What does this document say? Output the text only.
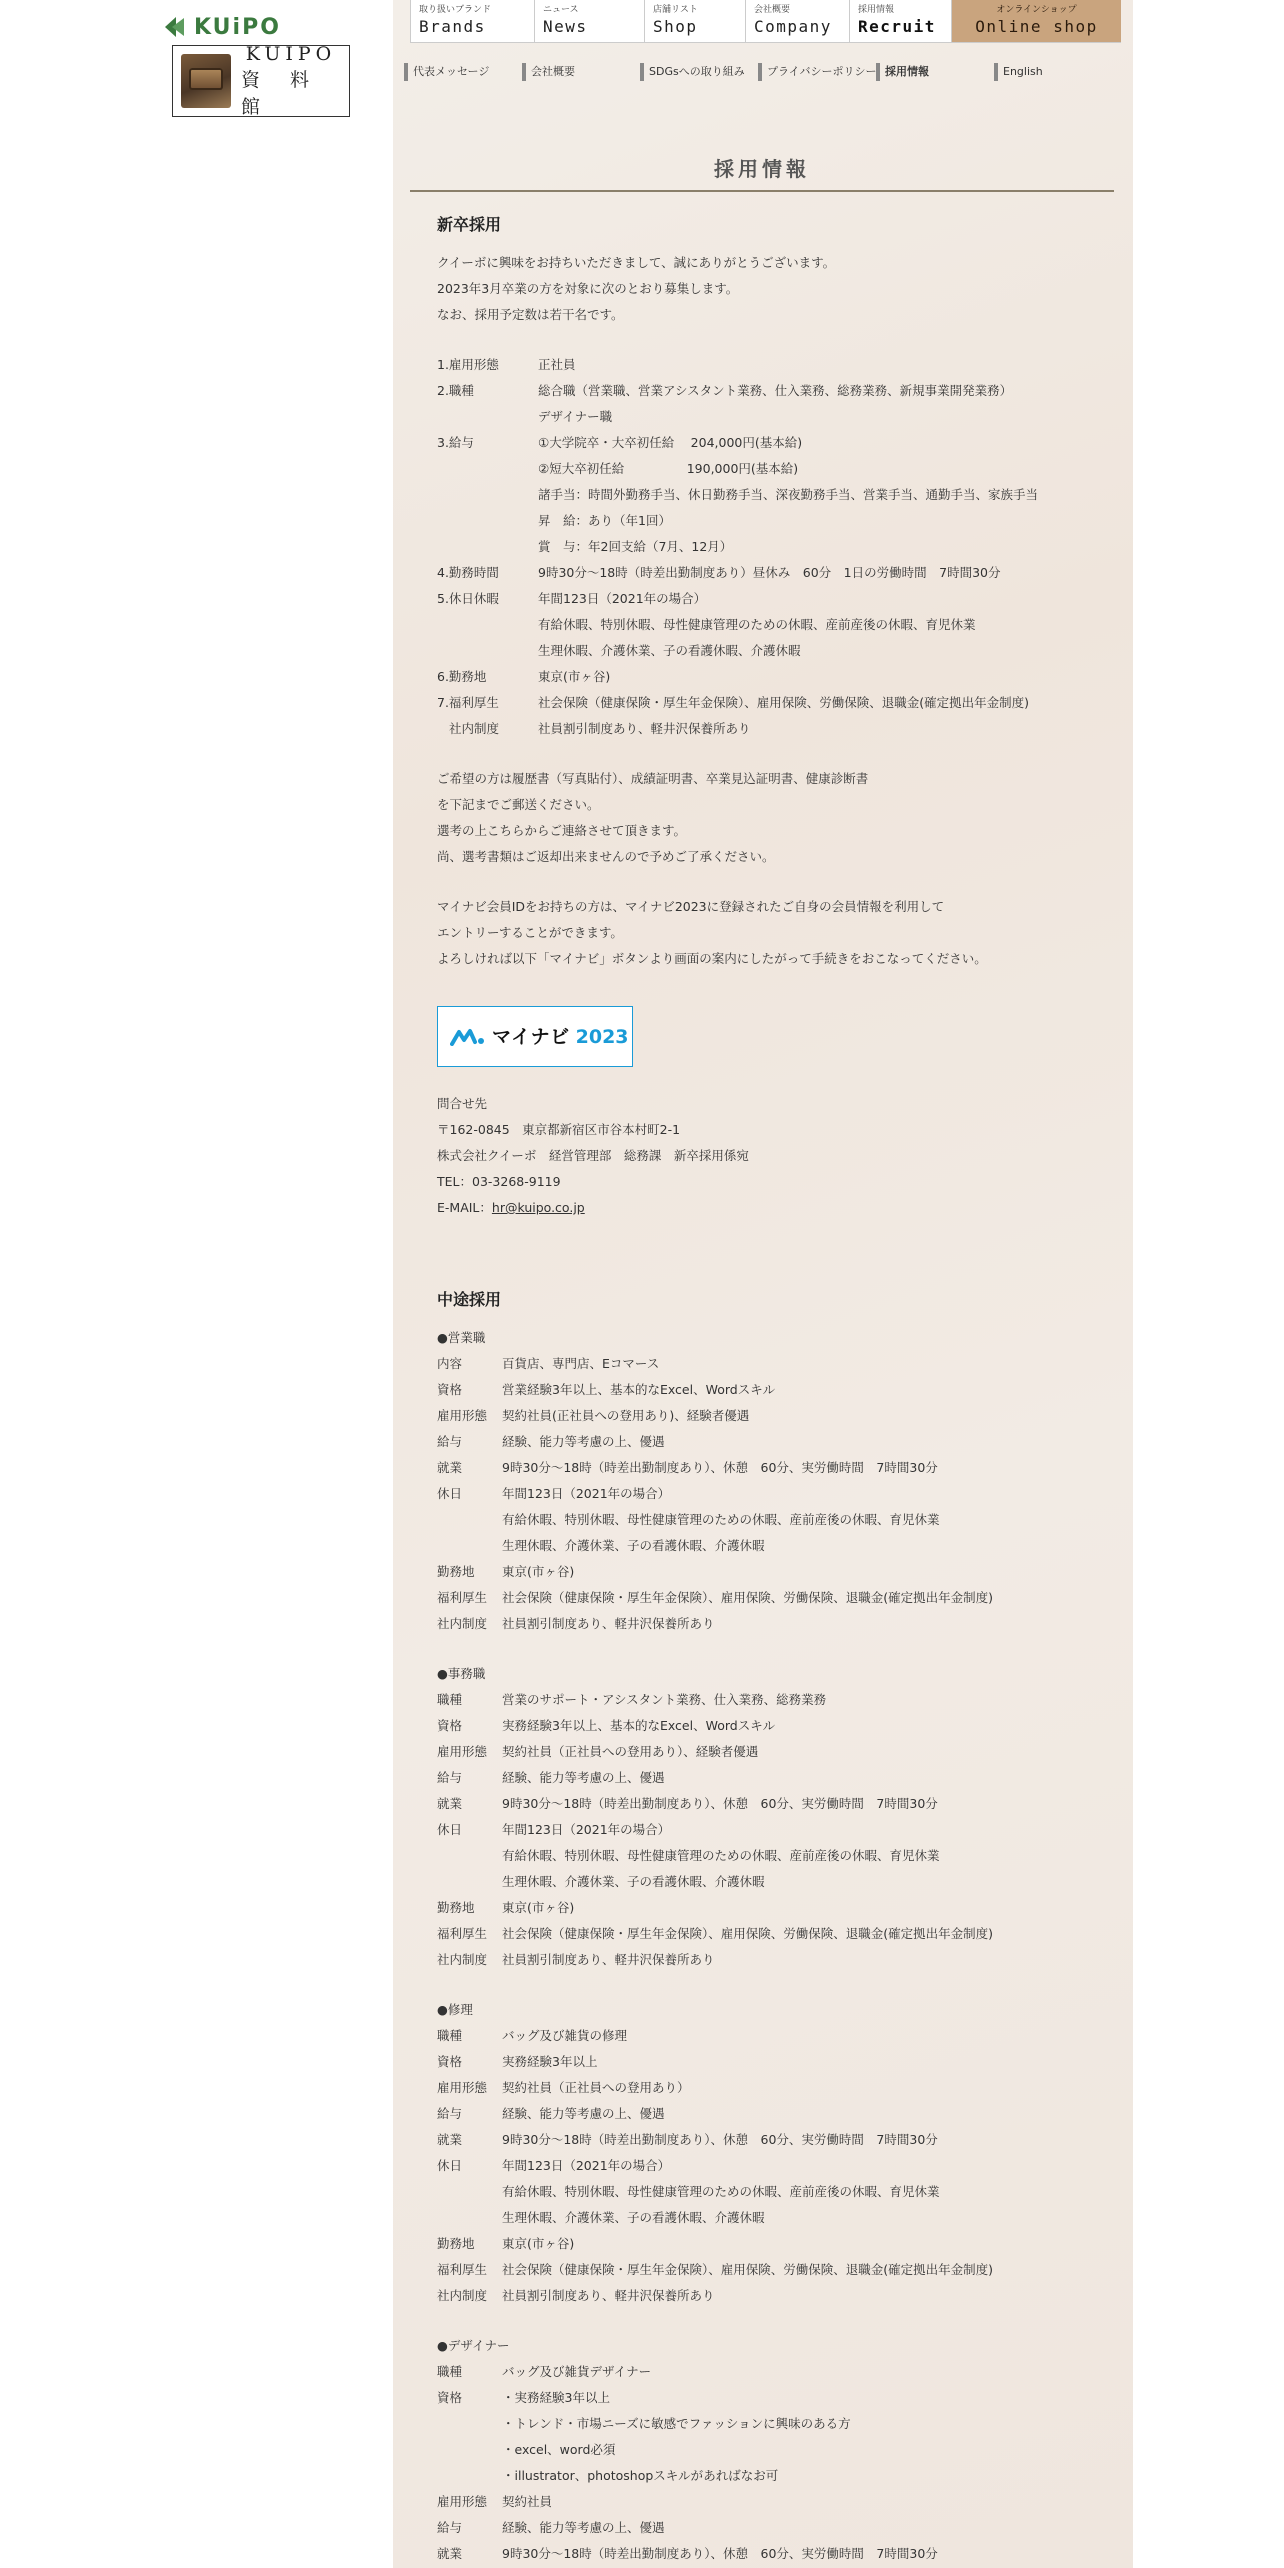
KUiPO
KUIPO
資 料 館
取り扱いブランド
Brands
ニュース
News
店舗リスト
Shop
会社概要
Company
採用情報
Recruit
オンラインショップ
Online shop
代表メッセージ	会社概要	SDGsへの取り組み	プライバシーポリシー 採用情報	English
採用情報
新卒採用
クイーボに興味をお持ちいただきまして、誠にありがとうございます。
2023年3月卒業の方を対象に次のとおり募集します。
なお、採用予定数は若干名です。
1.雇用形態	正社員
2.職種	総合職（営業職、営業アシスタント業務、仕入業務、総務業務、新規事業開発業務）
デザイナー職
3.給与	①大学院卒・大卒初任給　 204,000円(基本給)
②短大卒初任給　　　　　190,000円(基本給)
諸手当：時間外勤務手当、休日勤務手当、深夜勤務手当、営業手当、通勤手当、家族手当
昇　給：あり（年1回）
賞　与：年2回支給（7月、12月）
4.勤務時間	9時30分～18時（時差出勤制度あり）昼休み　60分　1日の労働時間　7時間30分
5.休日休暇	年間123日（2021年の場合）
有給休暇、特別休暇、母性健康管理のための休暇、産前産後の休暇、育児休業
生理休暇、介護休業、子の看護休暇、介護休暇
6.勤務地	東京(市ヶ谷)
7.福利厚生	社会保険（健康保険・厚生年金保険）、雇用保険、労働保険、退職金(確定拠出年金制度)
社内制度	社員割引制度あり、軽井沢保養所あり
ご希望の方は履歴書（写真貼付）、成績証明書、卒業見込証明書、健康診断書
を下記までご郵送ください。
選考の上こちらからご連絡させて頂きます。
尚、選考書類はご返却出来ませんので予めご了承ください。
マイナビ会員IDをお持ちの方は、マイナビ2023に登録されたご自身の会員情報を利用して
エントリーすることができます。
よろしければ以下「マイナビ」ボタンより画面の案内にしたがって手続きをおこなってください。
マイナビ 2023
問合せ先
〒162-0845　東京都新宿区市谷本村町2-1
株式会社クイーボ　経営管理部　総務課　新卒採用係宛
TEL：03-3268-9119
E-MAIL：hr@kuipo.co.jp
中途採用
●営業職
内容	百貨店、専門店、Eコマース
資格	営業経験3年以上、基本的なExcel、Wordスキル
雇用形態	契約社員(正社員への登用あり)、経験者優遇
給与	経験、能力等考慮の上、優遇
就業	9時30分～18時（時差出勤制度あり）、休憩　60分、実労働時間　7時間30分
休日	年間123日（2021年の場合）
有給休暇、特別休暇、母性健康管理のための休暇、産前産後の休暇、育児休業
生理休暇、介護休業、子の看護休暇、介護休暇
勤務地	東京(市ヶ谷)
福利厚生	社会保険（健康保険・厚生年金保険）、雇用保険、労働保険、退職金(確定拠出年金制度)
社内制度	社員割引制度あり、軽井沢保養所あり
●事務職
職種	営業のサポート・アシスタント業務、仕入業務、総務業務
資格	実務経験3年以上、基本的なExcel、Wordスキル
雇用形態	契約社員（正社員への登用あり）、経験者優遇
給与	経験、能力等考慮の上、優遇
就業	9時30分～18時（時差出勤制度あり）、休憩　60分、実労働時間　7時間30分
休日	年間123日（2021年の場合）
有給休暇、特別休暇、母性健康管理のための休暇、産前産後の休暇、育児休業
生理休暇、介護休業、子の看護休暇、介護休暇
勤務地	東京(市ヶ谷)
福利厚生	社会保険（健康保険・厚生年金保険）、雇用保険、労働保険、退職金(確定拠出年金制度)
社内制度	社員割引制度あり、軽井沢保養所あり
●修理
職種	バッグ及び雑貨の修理
資格	実務経験3年以上
雇用形態	契約社員（正社員への登用あり）
給与	経験、能力等考慮の上、優遇
就業	9時30分～18時（時差出勤制度あり）、休憩　60分、実労働時間　7時間30分
休日	年間123日（2021年の場合）
有給休暇、特別休暇、母性健康管理のための休暇、産前産後の休暇、育児休業
生理休暇、介護休業、子の看護休暇、介護休暇
勤務地	東京(市ヶ谷)
福利厚生	社会保険（健康保険・厚生年金保険）、雇用保険、労働保険、退職金(確定拠出年金制度)
社内制度	社員割引制度あり、軽井沢保養所あり
●デザイナー
職種	バッグ及び雑貨デザイナー
資格	・実務経験3年以上
・トレンド・市場ニーズに敏感でファッションに興味のある方
・excel、word必須
・illustrator、photoshopスキルがあればなお可
雇用形態	契約社員
給与	経験、能力等考慮の上、優遇
就業	9時30分～18時（時差出勤制度あり）、休憩　60分、実労働時間　7時間30分
